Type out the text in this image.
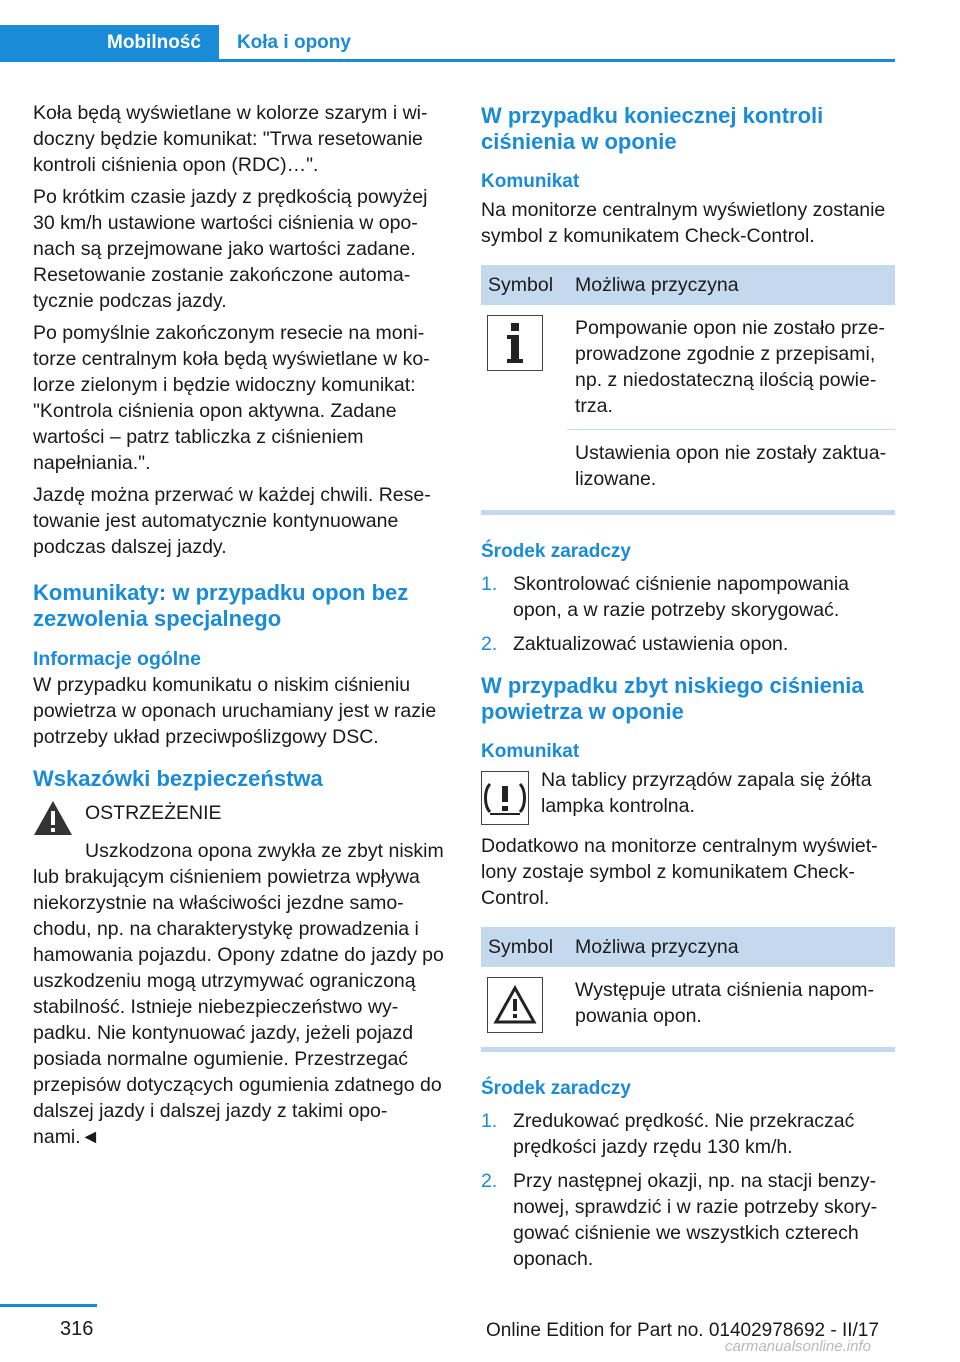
Mobilność	Koła i opony

Koła będą wyświetlane w kolorze szarym i wi-doczny będzie komunikat: "Trwa resetowanie kontroli ciśnienia opon (RDC)…".

Po krótkim czasie jazdy z prędkością powyżej 30 km/h ustawione wartości ciśnienia w opo-nach są przejmowane jako wartości zadane. Resetowanie zostanie zakończone automa-tycznie podczas jazdy.

Po pomyślnie zakończonym resecie na moni-torze centralnym koła będą wyświetlane w ko-lorze zielonym i będzie widoczny komunikat: "Kontrola ciśnienia opon aktywna. Zadane wartości – patrz tabliczka z ciśnieniem napełniania.".

Jazdę można przerwać w każdej chwili. Rese-towanie jest automatycznie kontynuowane podczas dalszej jazdy.

Komunikaty: w przypadku opon bez zezwolenia specjalnego
Informacje ogólne

W przypadku komunikatu o niskim ciśnieniu powietrza w oponach uruchamiany jest w razie potrzeby układ przeciwpoślizgowy DSC.

Wskazówki bezpieczeństwa

OSTRZEŻENIE

Uszkodzona opona zwykła ze zbyt niskim lub brakującym ciśnieniem powietrza wpływa niekorzystnie na właściwości jezdne samo-chodu, np. na charakterystykę prowadzenia i hamowania pojazdu. Opony zdatne do jazdy po uszkodzeniu mogą utrzymywać ograniczoną stabilność. Istnieje niebezpieczeństwo wy-padku. Nie kontynuować jazdy, jeżeli pojazd posiada normalne ogumienie. Przestrzegać przepisów dotyczących ogumienia zdatnego do dalszej jazdy i dalszej jazdy z takimi opo-nami.◄

W przypadku koniecznej kontroli ciśnienia w oponie
Komunikat

Na monitorze centralnym wyświetlony zostanie symbol z komunikatem Check-Control.

Symbol	Możliwa przyczyna

	Pompowanie opon nie zostało prze-prowadzone zgodnie z przepisami, np. z niedostateczną ilością powie-trza.
	Ustawienia opon nie zostały zaktua-lizowane.
Środek zaradczy
1. Skontrolować ciśnienie napompowania opon, a w razie potrzeby skorygować.
2. Zaktualizować ustawienia opon.
W przypadku zbyt niskiego ciśnienia powietrza w oponie
Komunikat

Na tablicy przyrządów zapala się żółta lampka kontrolna.

Dodatkowo na monitorze centralnym wyświet-lony zostaje symbol z komunikatem Check-Control.

Symbol	Możliwa przyczyna

	Występuje utrata ciśnienia napom-powania opon.
Środek zaradczy
1. Zredukować prędkość. Nie przekraczać prędkości jazdy rzędu 130 km/h.
2. Przy następnej okazji, np. na stacji benzy-nowej, sprawdzić i w razie potrzeby skory-gować ciśnienie we wszystkich czterech oponach.
316	Online Edition for Part no. 01402978692 - II/17
carmanualsonline.info
